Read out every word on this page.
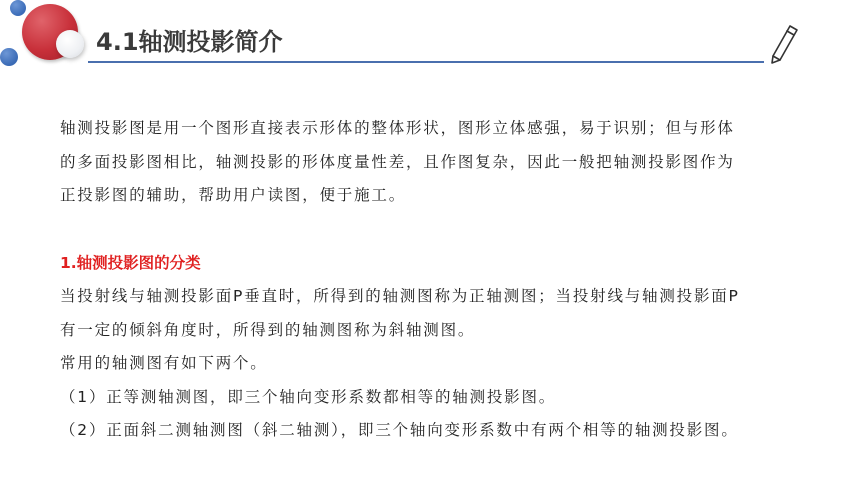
4.1轴测投影简介

轴测投影图是用一个图形直接表示形体的整体形状，图形立体感强，易于识别；但与形体

的多面投影图相比，轴测投影的形体度量性差，且作图复杂，因此一般把轴测投影图作为

正投影图的辅助，帮助用户读图，便于施工。

1.轴测投影图的分类

当投射线与轴测投影面P垂直时，所得到的轴测图称为正轴测图；当投射线与轴测投影面P

有一定的倾斜角度时，所得到的轴测图称为斜轴测图。

常用的轴测图有如下两个。

（1）正等测轴测图，即三个轴向变形系数都相等的轴测投影图。

（2）正面斜二测轴测图（斜二轴测），即三个轴向变形系数中有两个相等的轴测投影图。
